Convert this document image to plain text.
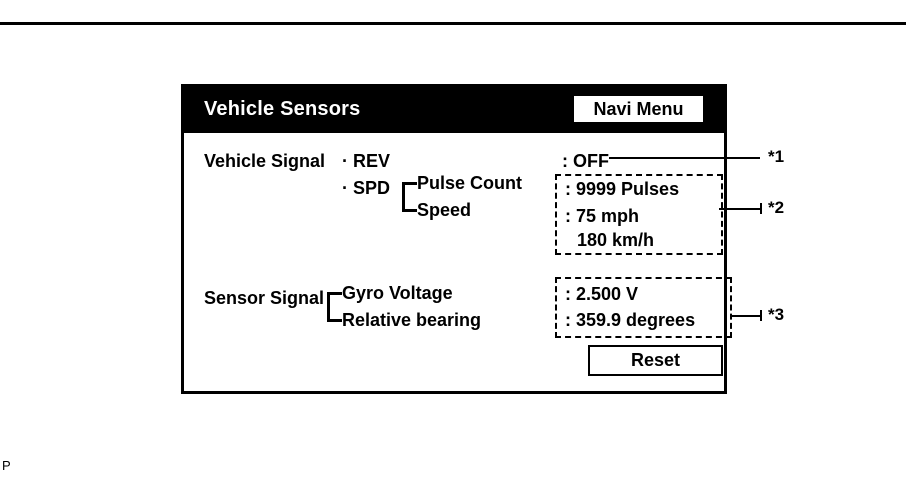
Vehicle Sensors	Navi Menu
Vehicle Signal · REV	: OFF
· SPD Pulse Count
Speed
: 9999 Pulses
: 75 mph
180 km/h
Sensor Signal Gyro Voltage
Relative bearing
: 2.500 V
: 359.9 degrees
Reset
*1
*2
*3
P
